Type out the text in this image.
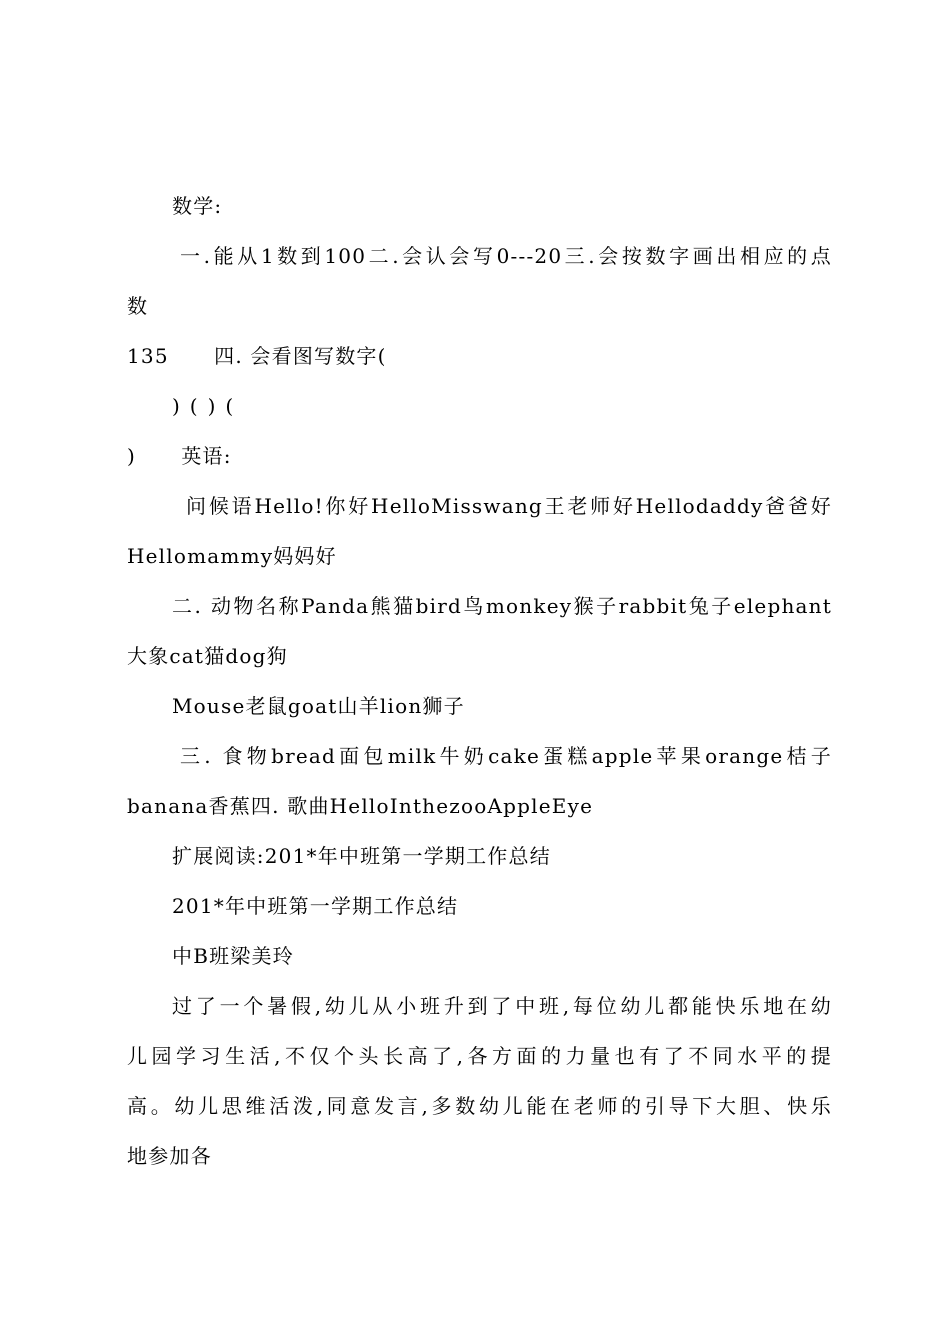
数学:
一.能从1数到100二.会认会写0---20三.会按数字画出相应的点
数
135      四. 会看图写数字(
)()(
)      英语:
问候语Hello!你好HelloMisswang王老师好Hellodaddy爸爸好
Hellomammy妈妈好
二. 动物名称Panda熊猫bird鸟monkey猴子rabbit兔子elephant
大象cat猫dog狗
Mouse老鼠goat山羊lion狮子
三. 食物bread面包milk牛奶cake蛋糕apple苹果orange桔子
banana香蕉四. 歌曲HelloInthezooAppleEye
扩展阅读:201*年中班第一学期工作总结
201*年中班第一学期工作总结
中B班梁美玲
过了一个暑假,幼儿从小班升到了中班,每位幼儿都能快乐地在幼
儿园学习生活,不仅个头长高了,各方面的力量也有了不同水平的提
高。幼儿思维活泼,同意发言,多数幼儿能在老师的引导下大胆、快乐
地参加各
